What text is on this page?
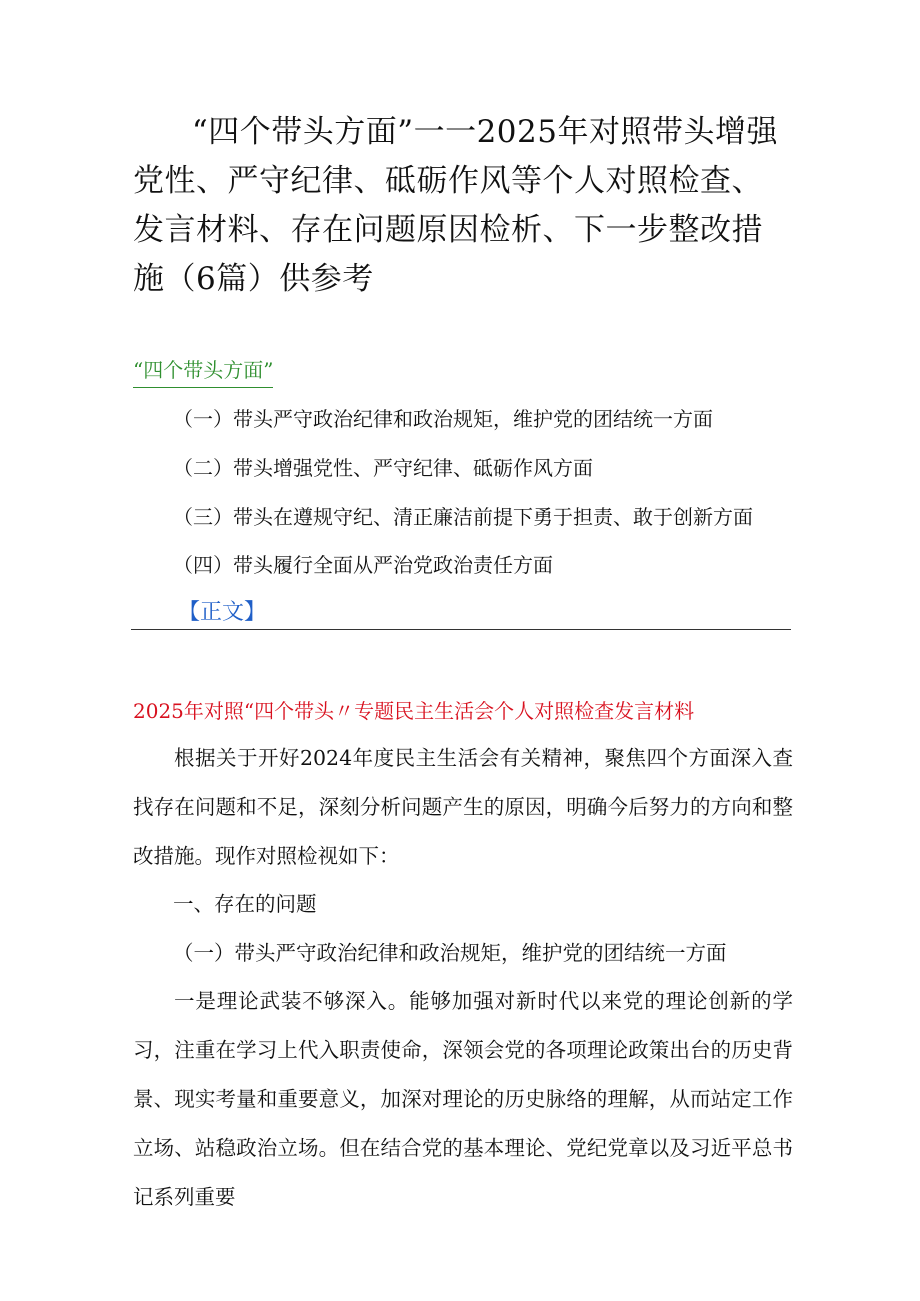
“四个带头方面”一一2025年对照带头增强党性、严守纪律、砥砺作风等个人对照检查、发言材料、存在问题原因检析、下一步整改措施（6篇）供参考
“四个带头方面”
（一）带头严守政治纪律和政治规矩，维护党的团结统一方面
（二）带头增强党性、严守纪律、砥砺作风方面
（三）带头在遵规守纪、清正廉洁前提下勇于担责、敢于创新方面
（四）带头履行全面从严治党政治责任方面
【正文】
2025年对照“四个带头〃专题民主生活会个人对照检查发言材料

根据关于开好2024年度民主生活会有关精神，聚焦四个方面深入查找存在问题和不足，深刻分析问题产生的原因，明确今后努力的方向和整改措施。现作对照检视如下：

一、存在的问题
（一）带头严守政治纪律和政治规矩，维护党的团结统一方面

一是理论武装不够深入。能够加强对新时代以来党的理论创新的学习，注重在学习上代入职责使命，深领会党的各项理论政策出台的历史背景、现实考量和重要意义，加深对理论的历史脉络的理解，从而站定工作立场、站稳政治立场。但在结合党的基本理论、党纪党章以及习近平总书记系列重要
